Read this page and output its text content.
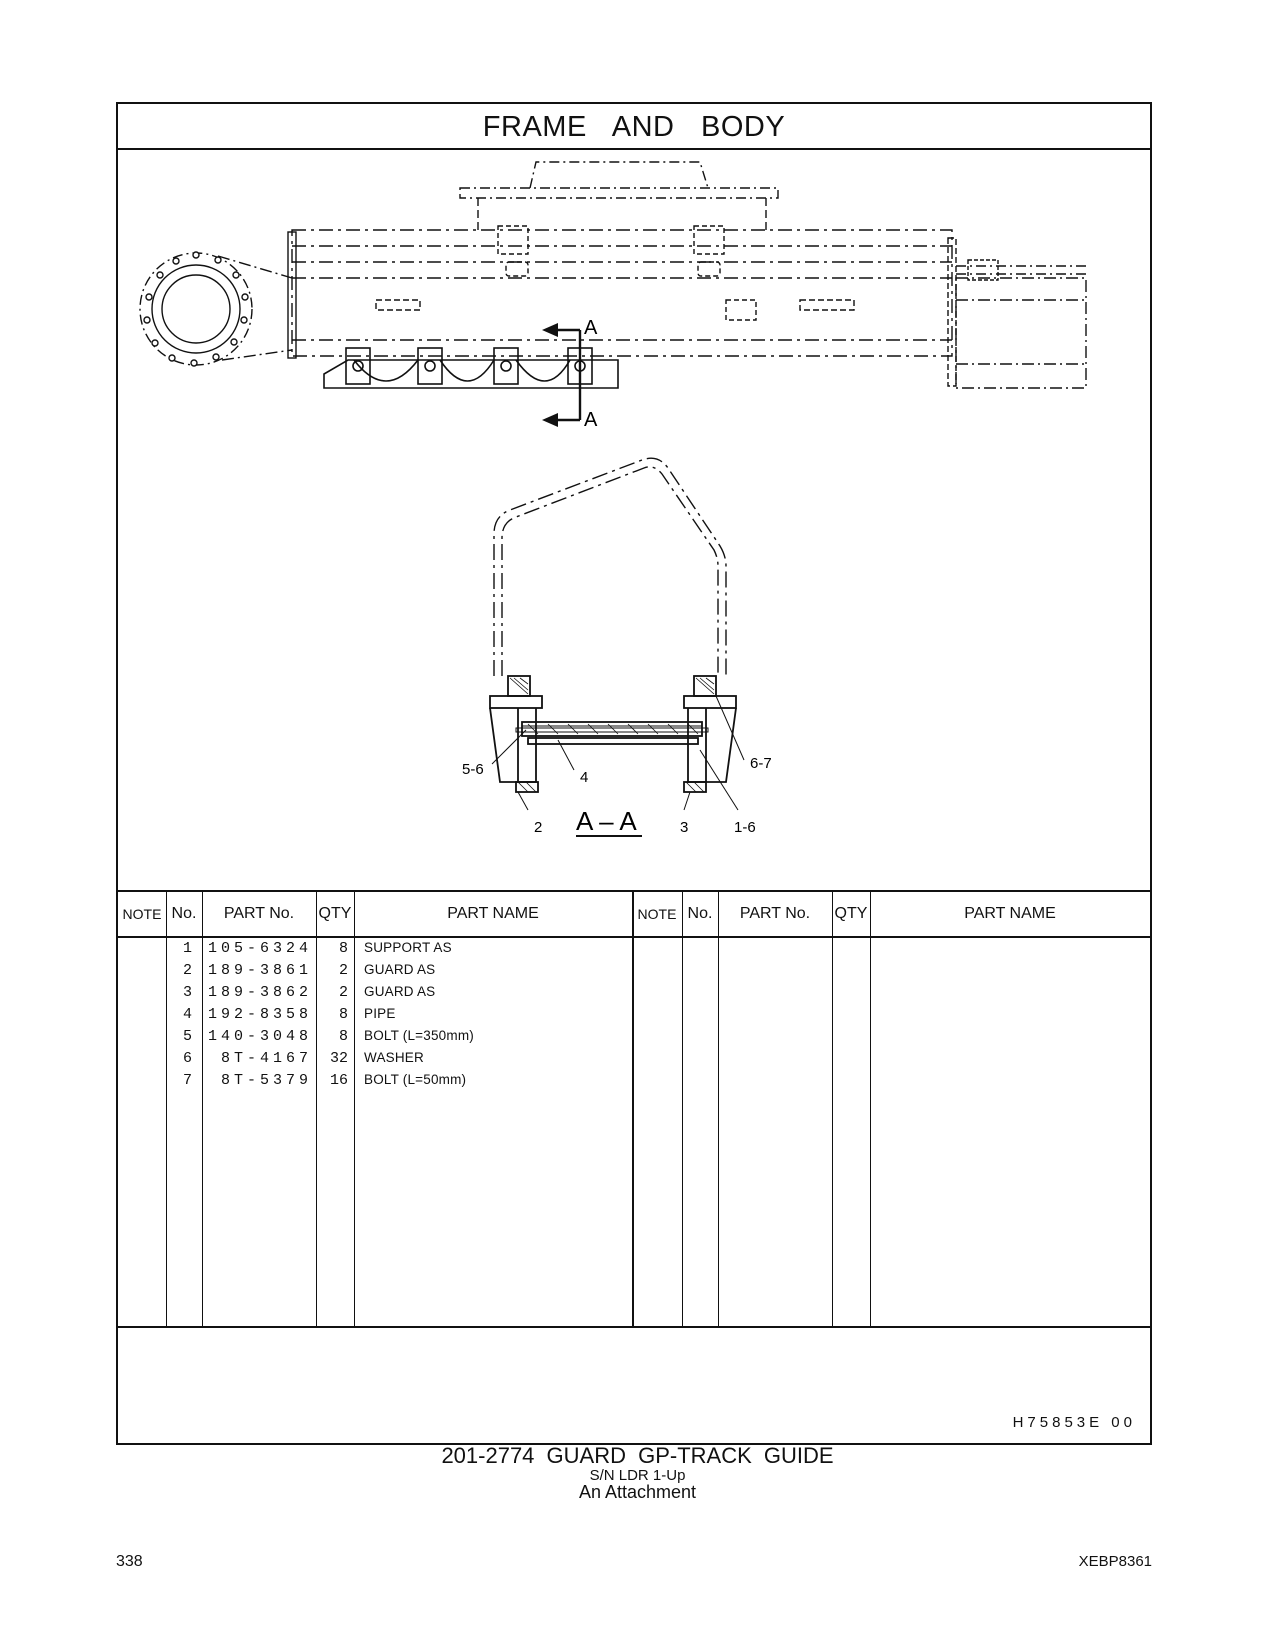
FRAME AND BODY
A
A
5-6	4
6-7
2	3	1-6
A – A
NOTE No.	PART No.	QTY	PART NAME	NOTE No.	PART No.	QTY	PART NAME
1 105-6324	8 SUPPORT AS
2 189-3861	2 GUARD AS
3 189-3862	2 GUARD AS
4 192-8358	8 PIPE
5 140-3048	8 BOLT (L=350mm)
6	8T-4167	32 WASHER
7	8T-5379	16 BOLT (L=50mm)
H75853E 00
201-2774 GUARD GP-TRACK GUIDE
S/N LDR 1-Up
An Attachment
338	XEBP8361
